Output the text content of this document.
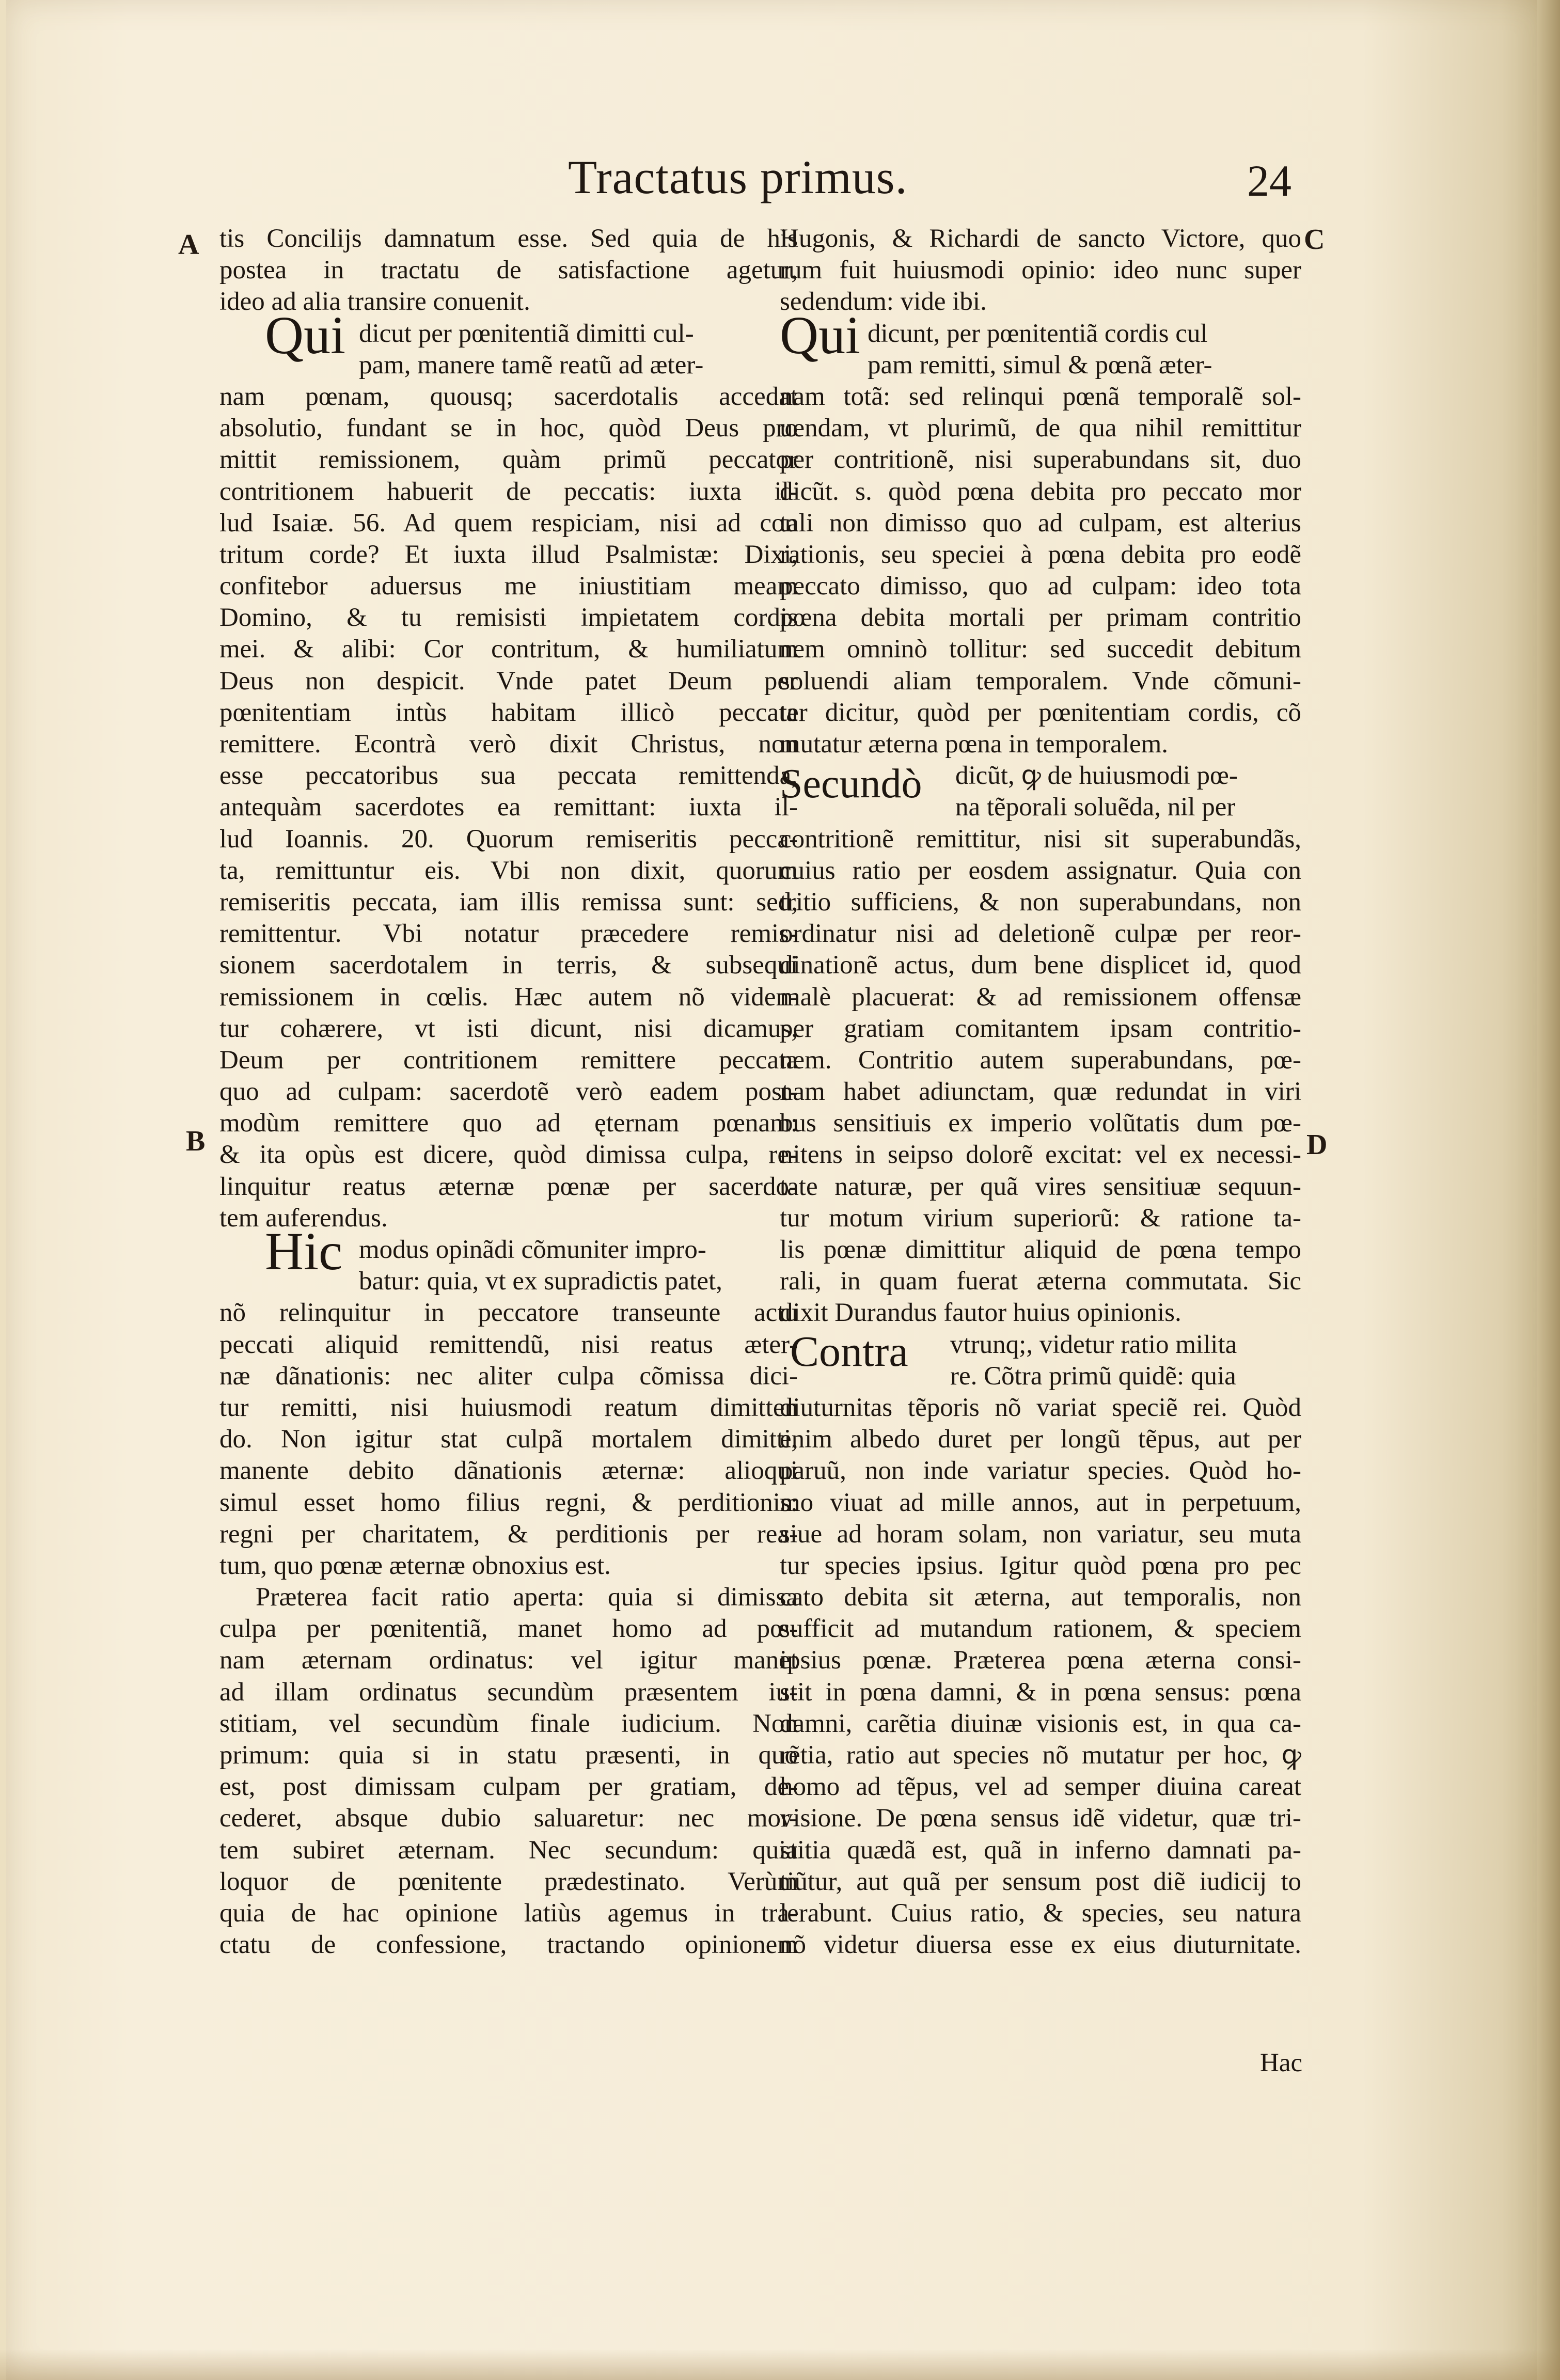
Tractatus primus.	24
A
B
C
D
tis Concilijs damnatum esse. Sed quia de his
postea in tractatu de satisfactione agetur,
ideo ad alia transire conuenit.
Qui dicut per pœnitentiã dimitti cul-
pam, manere tamẽ reatũ ad æter-
nam pœnam, quousq; sacerdotalis accedat
absolutio, fundant se in hoc, quòd Deus pro
mittit remissionem, quàm primũ peccator
contritionem habuerit de peccatis: iuxta il-
lud Isaiæ. 56. Ad quem respiciam, nisi ad con
tritum corde? Et iuxta illud Psalmistæ: Dixi,
confitebor aduersus me iniustitiam meam
Domino, & tu remisisti impietatem cordis
mei. & alibi: Cor contritum, & humiliatum
Deus non despicit. Vnde patet Deum per
pœnitentiam intùs habitam illicò peccata
remittere. Econtrà verò dixit Christus, non
esse peccatoribus sua peccata remittenda,
antequàm sacerdotes ea remittant: iuxta il-
lud Ioannis. 20. Quorum remiseritis pecca-
ta, remittuntur eis. Vbi non dixit, quorum
remiseritis peccata, iam illis remissa sunt: sed,
remittentur. Vbi notatur præcedere remis-
sionem sacerdotalem in terris, & subsequi
remissionem in cœlis. Hæc autem nõ viden-
tur cohærere, vt isti dicunt, nisi dicamus,
Deum per contritionem remittere peccata
quo ad culpam: sacerdotẽ verò eadem post-
modùm remittere quo ad ęternam pœnam:
& ita opùs est dicere, quòd dimissa culpa, re-
linquitur reatus æternæ pœnæ per sacerdo-
tem auferendus.
Hic modus opinãdi cõmuniter impro-
batur: quia, vt ex supradictis patet,
nõ relinquitur in peccatore transeunte actu
peccati aliquid remittendũ, nisi reatus æter-
næ dãnationis: nec aliter culpa cõmissa dici-
tur remitti, nisi huiusmodi reatum dimitten
do. Non igitur stat culpã mortalem dimitti,
manente debito dãnationis æternæ: alioqui
simul esset homo filius regni, & perditionis:
regni per charitatem, & perditionis per rea-
tum, quo pœnæ æternæ obnoxius est.
Præterea facit ratio aperta: quia si dimissa
culpa per pœnitentiã, manet homo ad pœ-
nam æternam ordinatus: vel igitur manet
ad illam ordinatus secundùm præsentem iu-
stitiam, vel secundùm finale iudicium. Non
primum: quia si in statu præsenti, in quo
est, post dimissam culpam per gratiam, de-
cederet, absque dubio saluaretur: nec mor-
tem subiret æternam. Nec secundum: quia
loquor de pœnitente prædestinato. Verùm
quia de hac opinione latiùs agemus in tra-
ctatu de confessione, tractando opinionem
Hugonis, & Richardi de sancto Victore, quo
rum fuit huiusmodi opinio: ideo nunc super
sedendum: vide ibi.
Qui dicunt, per pœnitentiã cordis cul
pam remitti, simul & pœnã æter-
nam totã: sed relinqui pœnã temporalẽ sol-
uendam, vt plurimũ, de qua nihil remittitur
per contritionẽ, nisi superabundans sit, duo
dicũt. s. quòd pœna debita pro peccato mor
tali non dimisso quo ad culpam, est alterius
rationis, seu speciei à pœna debita pro eodẽ
peccato dimisso, quo ad culpam: ideo tota
pœna debita mortali per primam contritio
nem omninò tollitur: sed succedit debitum
soluendi aliam temporalem. Vnde cõmuni-
ter dicitur, quòd per pœnitentiam cordis, cõ
mutatur æterna pœna in temporalem.
Secundò	dicũt, ꝙ de huiusmodi pœ-
na tẽporali soluẽda, nil per
contritionẽ remittitur, nisi sit superabundãs,
cuius ratio per eosdem assignatur. Quia con
tritio sufficiens, & non superabundans, non
ordinatur nisi ad deletionẽ culpæ per reor-
dinationẽ actus, dum bene displicet id, quod
malè placuerat: & ad remissionem offensæ
per gratiam comitantem ipsam contritio-
nem. Contritio autem superabundans, pœ-
nam habet adiunctam, quæ redundat in viri
bus sensitiuis ex imperio volũtatis dum pœ-
nitens in seipso dolorẽ excitat: vel ex necessi-
tate naturæ, per quã vires sensitiuæ sequun-
tur motum virium superiorũ: & ratione ta-
lis pœnæ dimittitur aliquid de pœna tempo
rali, in quam fuerat æterna commutata. Sic
dixit Durandus fautor huius opinionis.
Contra	vtrunq;, videtur ratio milita
re. Cõtra primũ quidẽ: quia
diuturnitas tẽporis nõ variat speciẽ rei. Quòd
enim albedo duret per longũ tẽpus, aut per
paruũ, non inde variatur species. Quòd ho-
mo viuat ad mille annos, aut in perpetuum,
siue ad horam solam, non variatur, seu muta
tur species ipsius. Igitur quòd pœna pro pec
cato debita sit æterna, aut temporalis, non
sufficit ad mutandum rationem, & speciem
ipsius pœnæ. Præterea pœna æterna consi-
stit in pœna damni, & in pœna sensus: pœna
damni, carẽtia diuinæ visionis est, in qua ca-
rẽtia, ratio aut species nõ mutatur per hoc, ꝙ
homo ad tẽpus, vel ad semper diuina careat
visione. De pœna sensus idẽ videtur, quæ tri-
stitia quædã est, quã in inferno damnati pa-
tiũtur, aut quã per sensum post diẽ iudicij to
lerabunt. Cuius ratio, & species, seu natura
nõ videtur diuersa esse ex eius diuturnitate.
Hac
